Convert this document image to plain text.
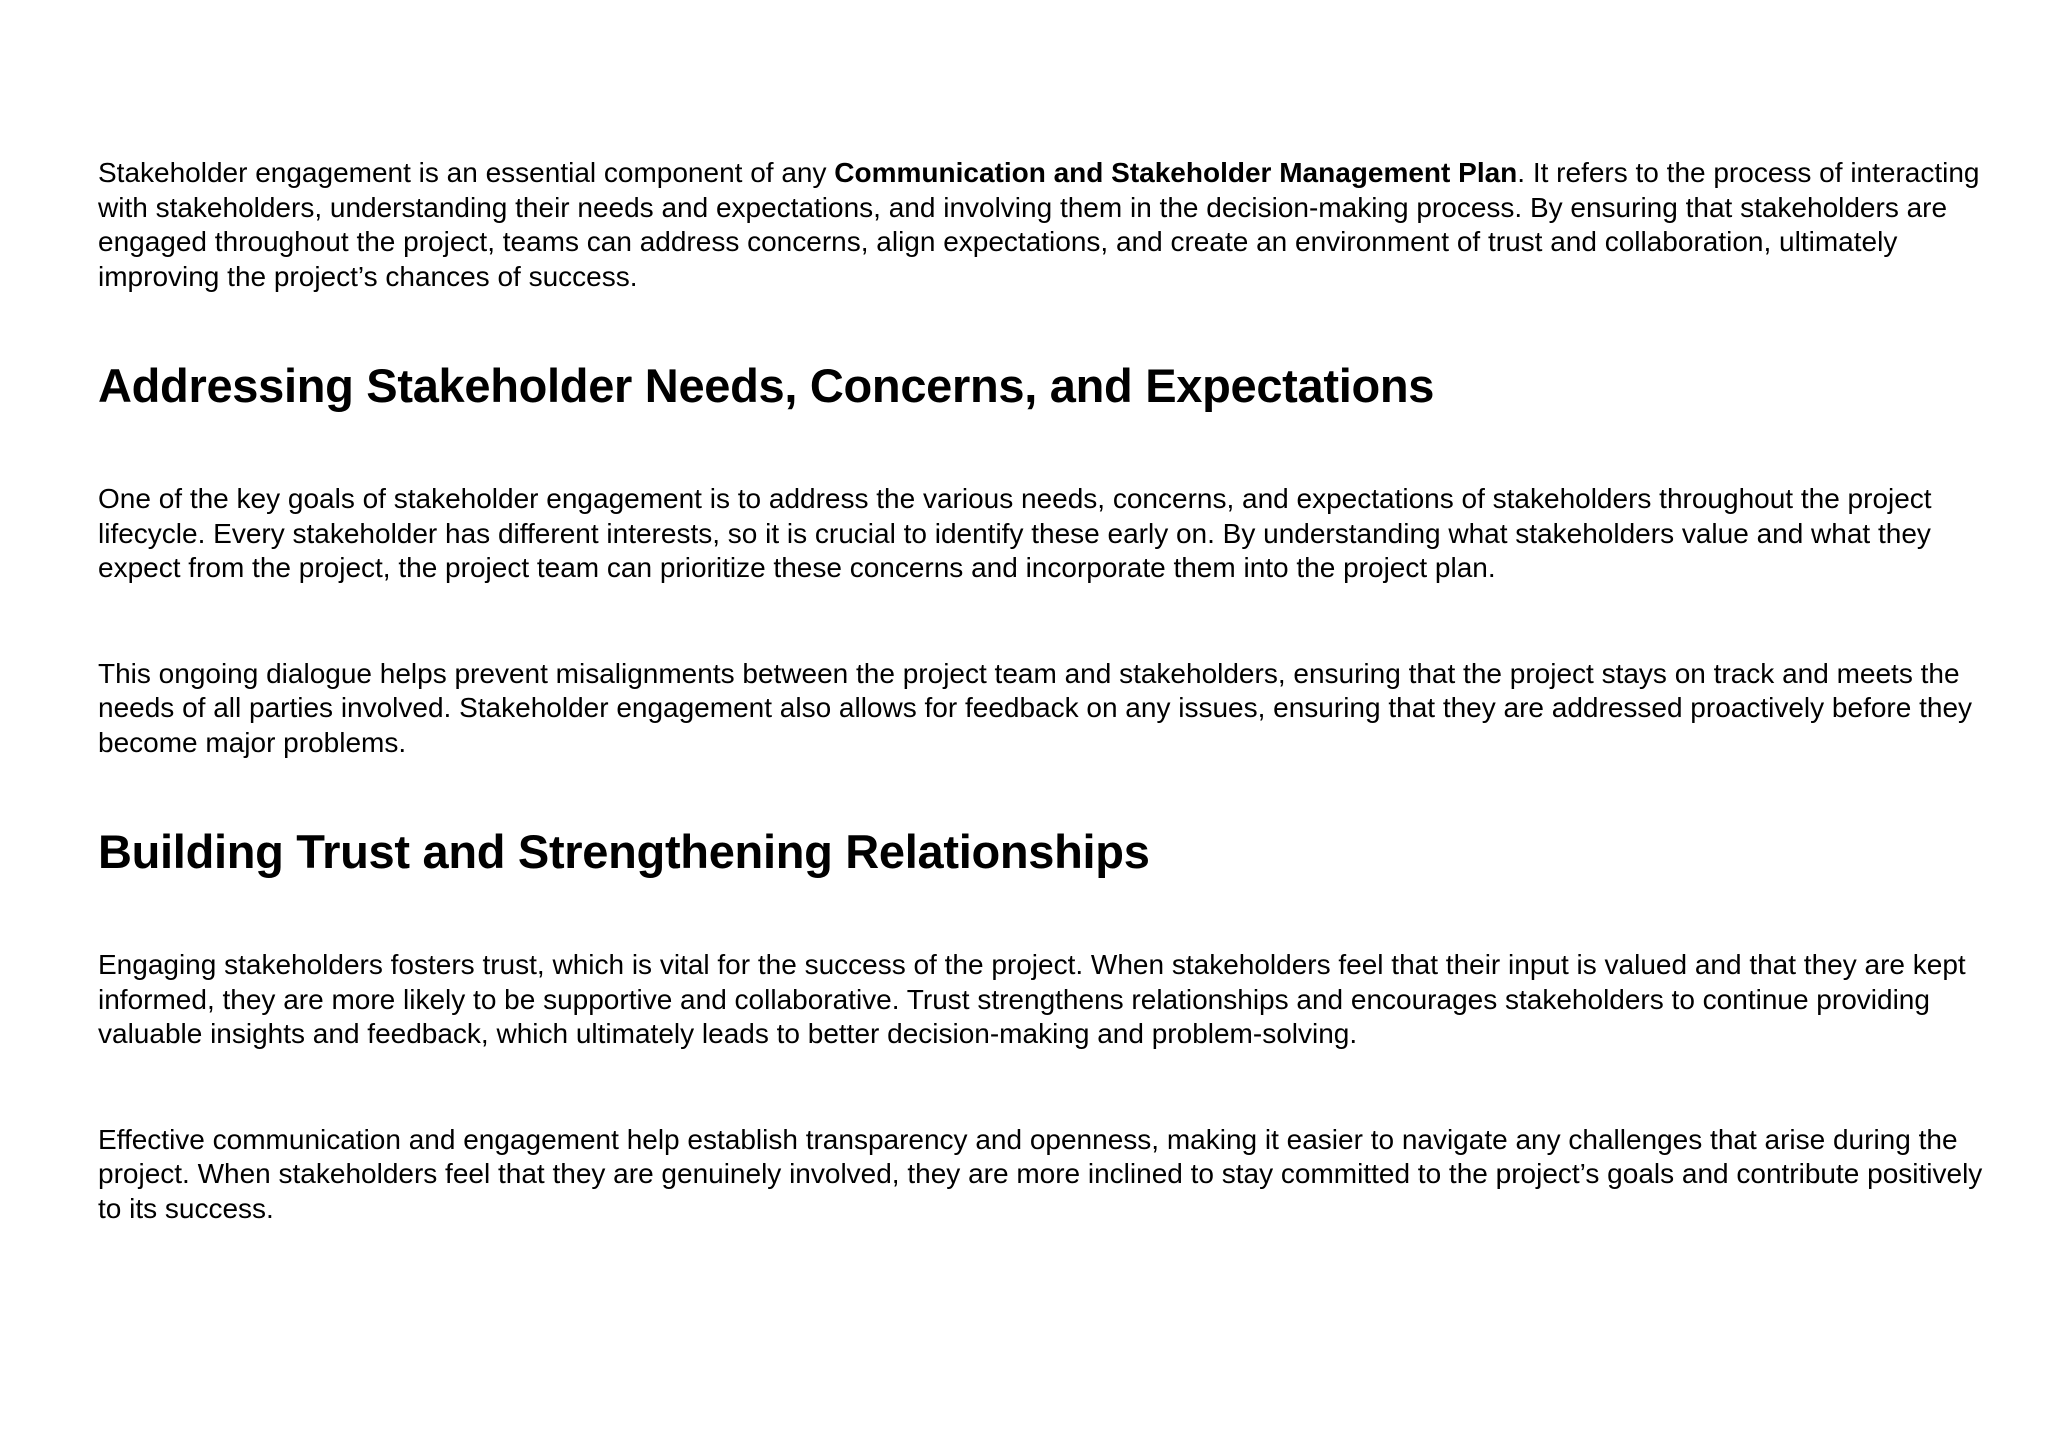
Stakeholder engagement is an essential component of any Communication and Stakeholder Management Plan. It refers to the process of interacting with stakeholders, understanding their needs and expectations, and involving them in the decision-making process. By ensuring that stakeholders are engaged throughout the project, teams can address concerns, align expectations, and create an environment of trust and collaboration, ultimately improving the project’s chances of success.

Addressing Stakeholder Needs, Concerns, and Expectations

One of the key goals of stakeholder engagement is to address the various needs, concerns, and expectations of stakeholders throughout the project lifecycle. Every stakeholder has different interests, so it is crucial to identify these early on. By understanding what stakeholders value and what they expect from the project, the project team can prioritize these concerns and incorporate them into the project plan.

This ongoing dialogue helps prevent misalignments between the project team and stakeholders, ensuring that the project stays on track and meets the needs of all parties involved. Stakeholder engagement also allows for feedback on any issues, ensuring that they are addressed proactively before they become major problems.

Building Trust and Strengthening Relationships

Engaging stakeholders fosters trust, which is vital for the success of the project. When stakeholders feel that their input is valued and that they are kept informed, they are more likely to be supportive and collaborative. Trust strengthens relationships and encourages stakeholders to continue providing valuable insights and feedback, which ultimately leads to better decision-making and problem-solving.

Effective communication and engagement help establish transparency and openness, making it easier to navigate any challenges that arise during the project. When stakeholders feel that they are genuinely involved, they are more inclined to stay committed to the project’s goals and contribute positively to its success.
